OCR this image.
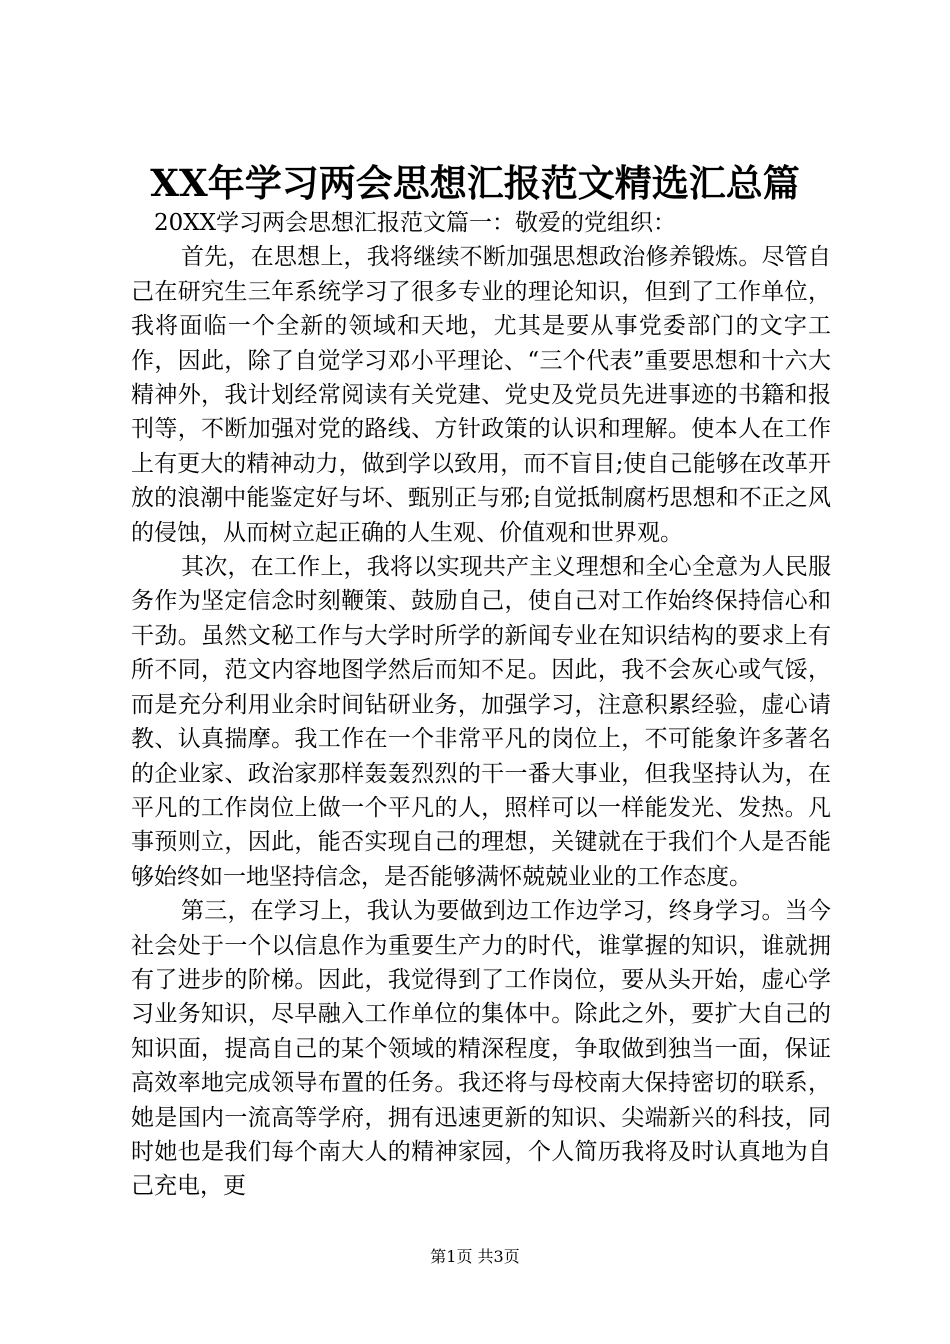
XX年学习两会思想汇报范文精选汇总篇

20XX学习两会思想汇报范文篇一：敬爱的党组织：

首先，在思想上，我将继续不断加强思想政治修养锻炼。尽管自己在研究生三年系统学习了很多专业的理论知识，但到了工作单位，我将面临一个全新的领域和天地，尤其是要从事党委部门的文字工作，因此，除了自觉学习邓小平理论、“三个代表”重要思想和十六大精神外，我计划经常阅读有关党建、党史及党员先进事迹的书籍和报刊等，不断加强对党的路线、方针政策的认识和理解。使本人在工作上有更大的精神动力，做到学以致用，而不盲目;使自己能够在改革开放的浪潮中能鉴定好与坏、甄别正与邪;自觉抵制腐朽思想和不正之风的侵蚀，从而树立起正确的人生观、价值观和世界观。

其次，在工作上，我将以实现共产主义理想和全心全意为人民服务作为坚定信念时刻鞭策、鼓励自己，使自己对工作始终保持信心和干劲。虽然文秘工作与大学时所学的新闻专业在知识结构的要求上有所不同，范文内容地图学然后而知不足。因此，我不会灰心或气馁，而是充分利用业余时间钻研业务，加强学习，注意积累经验，虚心请教、认真揣摩。我工作在一个非常平凡的岗位上，不可能象许多著名的企业家、政治家那样轰轰烈烈的干一番大事业，但我坚持认为，在平凡的工作岗位上做一个平凡的人，照样可以一样能发光、发热。凡事预则立，因此，能否实现自己的理想，关键就在于我们个人是否能够始终如一地坚持信念，是否能够满怀兢兢业业的工作态度。

第三，在学习上，我认为要做到边工作边学习，终身学习。当今社会处于一个以信息作为重要生产力的时代，谁掌握的知识，谁就拥有了进步的阶梯。因此，我觉得到了工作岗位，要从头开始，虚心学习业务知识，尽早融入工作单位的集体中。除此之外，要扩大自己的知识面，提高自己的某个领域的精深程度，争取做到独当一面，保证高效率地完成领导布置的任务。我还将与母校南大保持密切的联系，她是国内一流高等学府，拥有迅速更新的知识、尖端新兴的科技，同时她也是我们每个南大人的精神家园，个人简历我将及时认真地为自己充电，更

第1页 共3页
